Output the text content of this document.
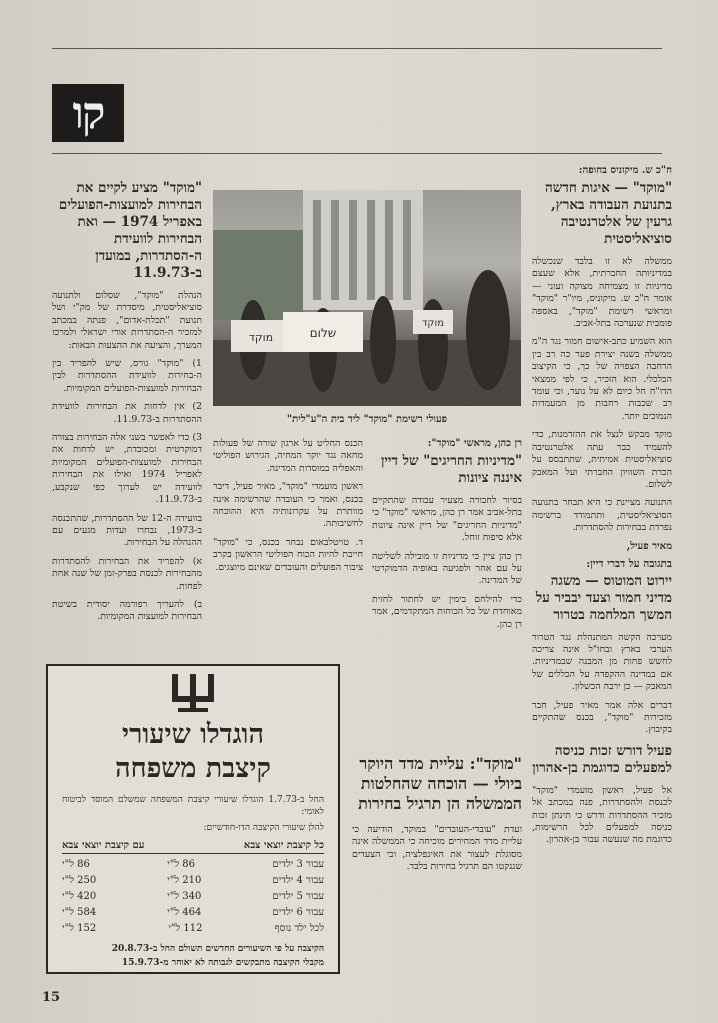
קו
ח"כ ש. מיקוניס בחופה:
"מוקד" — איגות חדשה בתנועת העבודה בארץ, גרעין של אלטרנטיבה סוציאליסטית

ממשלה לא זו בלבד שנכשלה במדיניותה החברתית, אלא שעצם מדיניות זו מצמיחה מצוקה ועוני — אומר ח"כ ש. מיקוניס, מיו"ר "מוקד" ומראשי רשימת "מוקד", באספה פומבית שנערכה בתל-אביב.

הוא השמיע כתב-אישום חמור נגד ה"מ ממשלה בשנה יצירת פער כה רב בין הרחבה הצפויה של כך, כי הקיצוב הכלכלי. הוא הזכיר, כי לפי ממצאי הדו"ח חל כיום לא על נוער, וכי עומד רב שכבות רחבות מן המעמדות הנמוכים יותר.

מוקד מבקש לנצל את ההזדמנות, כדי להעמיד כבר עתה אלטרנטיבה סוציאליסטית אמיתית, שתתבסס על הכרת השוויון החברתי ועל המאבק לשלום.

התנועה מציינת כי היא תבחר בתנועה הסוציאליסטית, ותתמודד ברשימה נפרדת בבחירות להסתדרות.

מאיר פעיל,
בתגובה על דברי דיין:
יירוט המוטוס — משגה מדיני חמור וצעד יבביר על המשך המלחמה בטרור

מערכה הקשה המתנהלת נגד הטרור הערבי בארץ ובחו"ל אינה צריכה לחשש פחות מן המבנה שבמדיניות. אם במדינה ההקפדה על הכללים של המאבק — כן ירבה הכשלון.

דברים אלה אמר מאיר פעיל, חבר מזכירות "מוקד", בכנס שהתקיים בקיבוץ.

פעיל דורש זכות כניסה למפעלים כדוגמת בן-אהרון

אל פעיל, ראשון מועמדי "מוקד" לכנסת ולהסתדרות, פנה במכתב אל מזכיר ההסתדרות ודרש כי תינתן זכות כניסה למפעלים לכל הרשימות, כדוגמת מה שנעשה עבור בן-אהרון.

מוקד	שלום
מוקד
פעולי רשימת "מוקד" ליד בית ה"ע"לית"

הכנס החליט על ארגון שורה של פעולות מחאה נגד יוקר המחיה, הגירוש הפוליטי והאפליה במוסדות המדינה.

ראשון מועמדי "מוקד", מאיר פעיל, דיבר בכנס, ואמר כי העובדה שהרשימה אינה מוותרת על עקרונותיה היא ההוכחה לחשיבותה.

ד. טויטלבאום נבחר בכנס, כי "מוקד" חייבת להיות הכוח הפוליטי הראשון בקרב ציבור הפועלים והעובדים שאינם מיוצגים.

רן כהן, מראשי "מוקד":
"מדיניות החריגים" של דיין איננה ציונות

בסיור לחבורה מצעיר עבודה שהתקיים בתל-אביב אמר רן כהן, מראשי "מוקד" כי "מדיניות החריגים" של דיין אינה ציונות אלא סיפוח זוחל.

רן כהן ציין כי מדיניות זו מובילה לשליטה על עם אחר ולפגיעה באופיה הדמוקרטי של המדינה.

כדי להילחם בימין יש לחתור לחזית מאוחדת של כל הכוחות המתקדמים, אמר רן כהן.

"מוקד": עליית מדד היוקר ביולי — הוכחה שהחלטות הממשלה הן תרגיל בחירות

ועדת "עובדי-העובדים" במוקד, הודיעה כי עליית מדד המחירים מוכיחה כי הממשלה אינה מסוגלת לעצור את האינפלציה, וכי הצעדים שננקטו הם תרגיל בחירות בלבד.

"מוקד" מציע לקיים את הבחירות למועצות-הפועלים באפריל 1974 — ואת הבחירות לוועידת ה-הסתדרות, במועדן ב-11.9.73

הנהלת "מוקד", שסלום ולתנועה סוציאליסטית, מיסדרת של מק"י ושל תנועת "תכלת-אדום", פנתה במכתב למזכיר ה-הסתדרות אורי ישראלי ולמרכז המערך, והציעה את ההצעות הבאות:

1) "מוקד" גורס, שיש להפריד בין ה-בחירות לוועידת ההסתדרות לבין הבחירות למועצות-הפועלים המקומיות.

2) אין לדחות את הבחירות לוועידת ההסתדרות ב-11.9.73.

3) כדי לאפשר בשני אלה הבחירות בצורה דמוקרטית ומכובדת, יש לדחות את הבחירות למועצות-הפועלים המקומיות לאפריל 1974 ואילו את הבחירות לוועידה יש לערוך כפי שנקבע, ב-11.9.73.

בוועידה ה-12 של ההסתדרות, שהתכנסה ב-1973, נבחרו ועדות מגעים עם ההנהלה על הבחירות.

א) להפריד את הבחירות להסתדרות מהבחירות לכנסת בפרק-זמן של שנה אחת לפחות.

ב) להעריך רפורמה יסודית בשיטת הבחירות למועצות המקומיות.

הוגדלו שיעורי
קיצבת משפחה
החל ב-1.7.73 הוגדלו שיעורי קיצבת המשפחה שמשלם המוסד לביטוח לאומי:
להלן שיעורי הקיצבה הדו-חודשיים:
כל קיצבת יוצאי צבא
עם קיצבת יוצאי צבא
עבור 3 ילדים
86 ל"י
86 ל"י
עבור 4 ילדים
210 ל"י
250 ל"י
עבור 5 ילדים
340 ל"י
420 ל"י
עבור 6 ילדים
464 ל"י
584 ל"י
לכל ילד נוסף
112 ל"י
152 ל"י
הקיצבה על פי השיעורים החדשים תשולם החל ב-20.8.73
מקבלי הקיצבה מתבקשים לגבותה לא יאוחר מ-15.9.73
15
